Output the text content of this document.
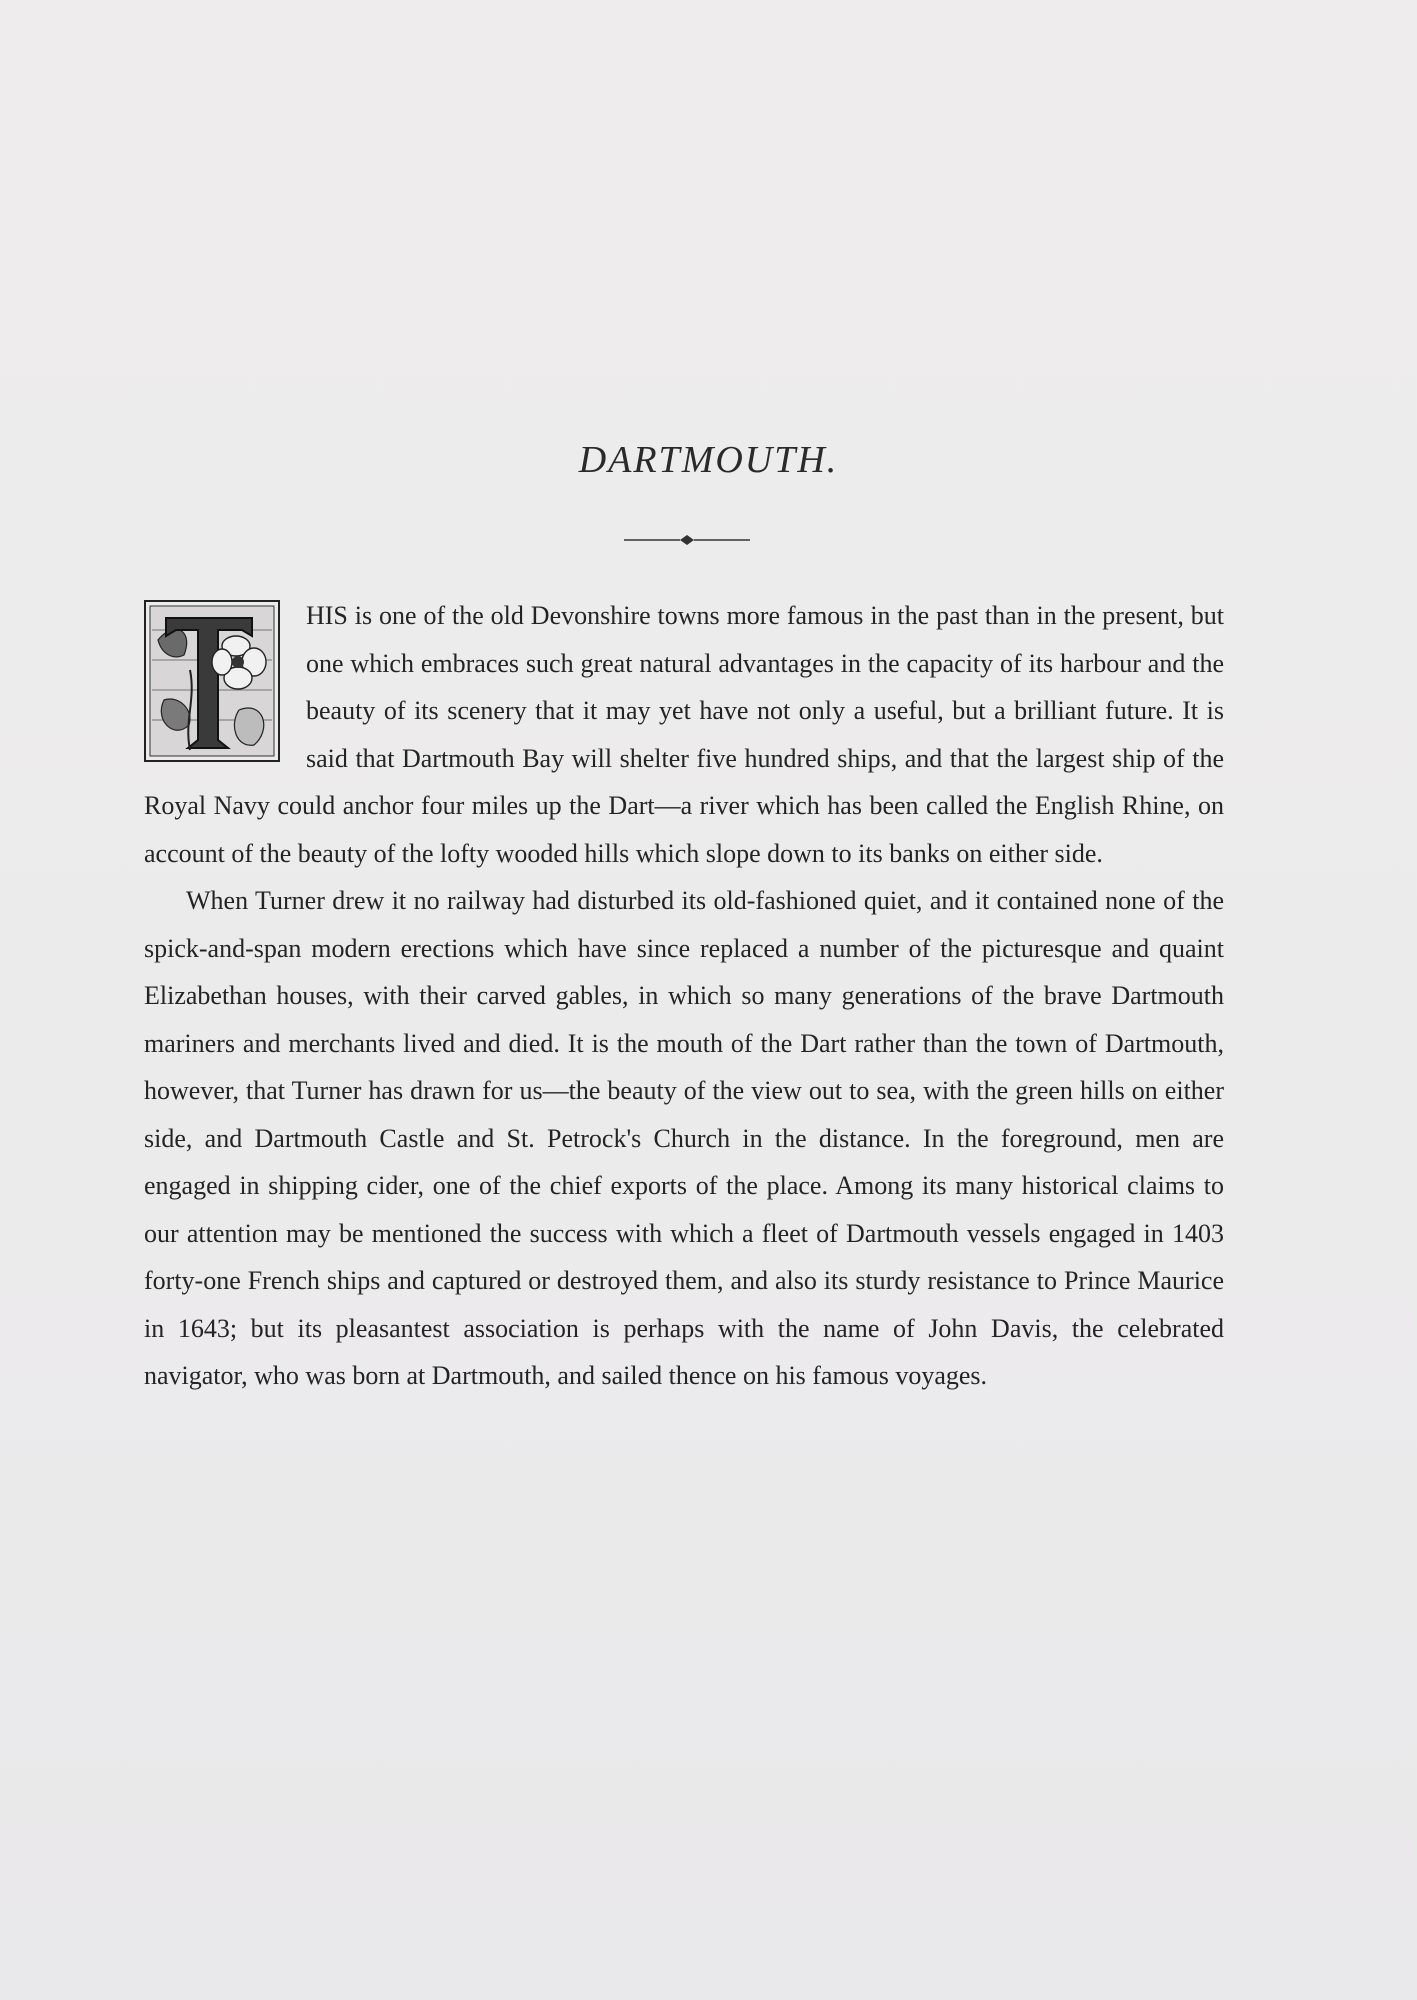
DARTMOUTH.

HIS is one of the old Devonshire towns more famous in the past than in the present, but one which embraces such great natural advantages in the capacity of its harbour and the beauty of its scenery that it may yet have not only a useful, but a brilliant future. It is said that Dartmouth Bay will shelter five hundred ships, and that the largest ship of the Royal Navy could anchor four miles up the Dart—a river which has been called the English Rhine, on account of the beauty of the lofty wooded hills which slope down to its banks on either side.

When Turner drew it no railway had disturbed its old-fashioned quiet, and it contained none of the spick-and-span modern erections which have since replaced a number of the picturesque and quaint Elizabethan houses, with their carved gables, in which so many generations of the brave Dartmouth mariners and merchants lived and died. It is the mouth of the Dart rather than the town of Dartmouth, however, that Turner has drawn for us—the beauty of the view out to sea, with the green hills on either side, and Dartmouth Castle and St. Petrock's Church in the distance. In the foreground, men are engaged in shipping cider, one of the chief exports of the place. Among its many historical claims to our attention may be mentioned the success with which a fleet of Dartmouth vessels engaged in 1403 forty-one French ships and captured or destroyed them, and also its sturdy resistance to Prince Maurice in 1643; but its pleasantest association is perhaps with the name of John Davis, the celebrated navigator, who was born at Dartmouth, and sailed thence on his famous voyages.
